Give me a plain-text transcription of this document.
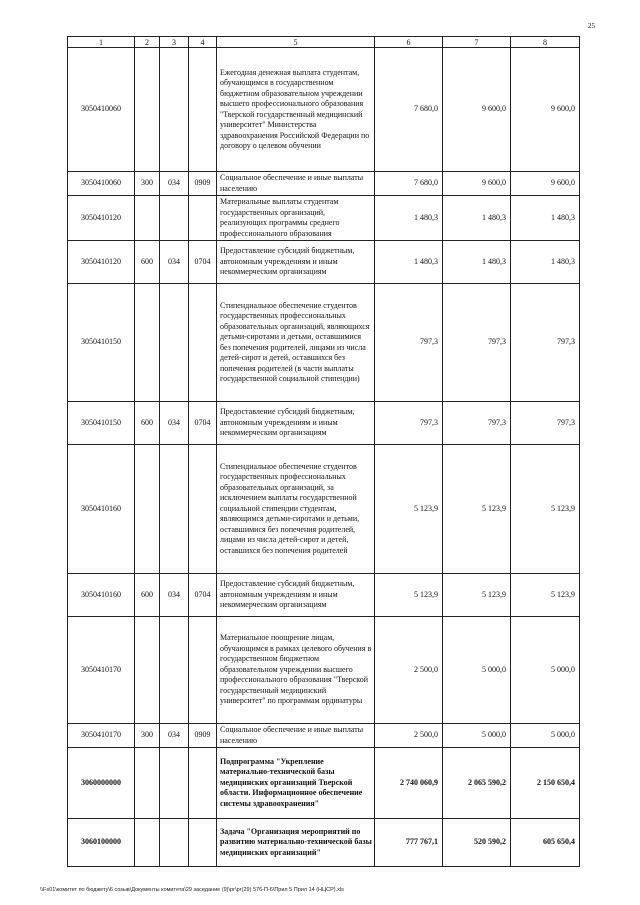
25
1	2	3	4	5	6	7	8
3050410060				Ежегодная денежная выплата студентам, обучающимся в государственном бюджетном образовательном учреждении высшего профессионального образования "Тверской государственный медицинский университет" Министерства здравоохранения Российской Федерации по договору о целевом обучении	7 680,0	9 600,0	9 600,0
3050410060	300	034	0909	Социальное обеспечение и иные выплаты населению	7 680,0	9 600,0	9 600,0
3050410120				Материальные выплаты студентам государственных организаций, реализующих программы среднего профессионального образования	1 480,3	1 480,3	1 480,3
3050410120	600	034	0704	Предоставление субсидий бюджетным, автономным учреждениям и иным некоммерческим организациям	1 480,3	1 480,3	1 480,3
3050410150				Стипендиальное обеспечение студентов государственных профессиональных образовательных организаций, являющихся детьми-сиротами и детьми, оставшимися без попечения родителей, лицами из числа детей-сирот и детей, оставшихся без попечения родителей (в части выплаты государственной социальной стипендии)	797,3	797,3	797,3
3050410150	600	034	0704	Предоставление субсидий бюджетным, автономным учреждениям и иным некоммерческим организациям	797,3	797,3	797,3
3050410160				Стипендиальное обеспечение студентов государственных профессиональных образовательных организаций, за исключением выплаты государственной социальной стипендии студентам, являющимся детьми-сиротами и детьми, оставшимися без попечения родителей, лицами из числа детей-сирот и детей, оставшихся без попечения родителей	5 123,9	5 123,9	5 123,9
3050410160	600	034	0704	Предоставление субсидий бюджетным, автономным учреждениям и иным некоммерческим организациям	5 123,9	5 123,9	5 123,9
3050410170				Материальное поощрение лицам, обучающимся в рамках целевого обучения в государственном бюджетном образовательном учреждении высшего профессионального образования "Тверской государственный медицинский университет" по программам ординатуры	2 500,0	5 000,0	5 000,0
3050410170	300	034	0909	Социальное обеспечение и иные выплаты населению	2 500,0	5 000,0	5 000,0
3060000000				Подпрограмма "Укрепление материально-технической базы медицинских организаций Тверской области. Информационное обеспечение системы здравоохранения"	2 740 060,9	2 065 590,2	2 150 650,4
3060100000				Задача "Организация мероприятий по развитию материально-технической базы медицинских организаций"	777 767,1	520 590,2	605 650,4
\\Fs01\комитет по бюджету\6 созыв\Документы комитета\29 заседание (9)\рг\рг(29) 576-П-6\Прил 5 Прил 14 (НЦСР).xls
